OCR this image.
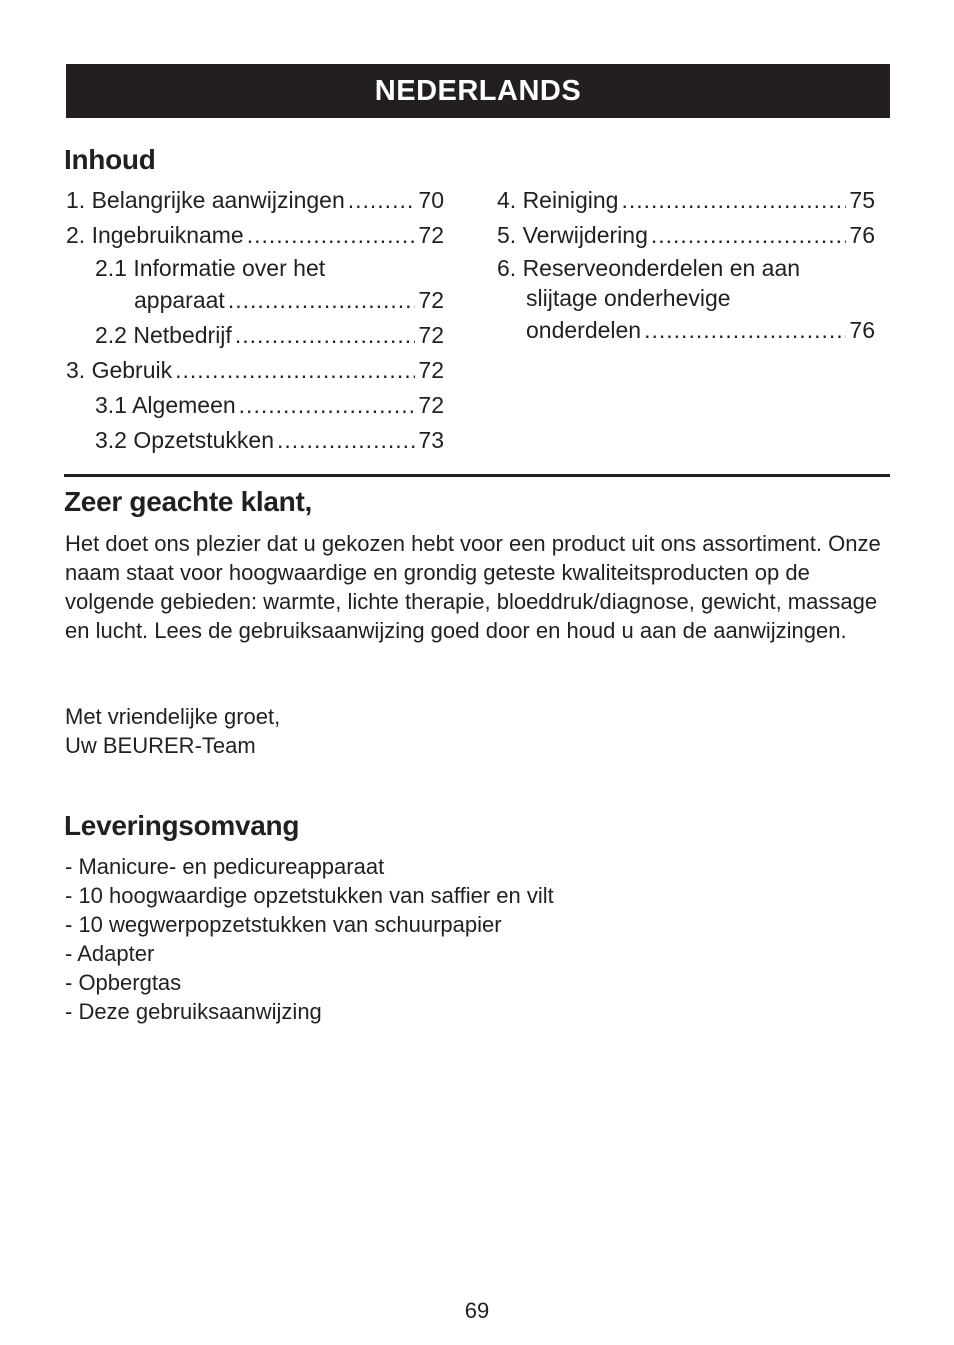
NEDERLANDS
Inhoud
1. Belangrijke aanwijzingen .....	70
2. Ingebruikname .....	72
2.1 Informatie over het
apparaat .....	72
2.2 Netbedrijf .....	72
3. Gebruik .....	72
3.1 Algemeen .....	72
3.2 Opzetstukken .....	73
4. Reiniging .....	75
5. Verwijdering .....	76
6. Reserveonderdelen en aan
slijtage onderhevige
onderdelen .....	76
Zeer geachte klant,

Het doet ons plezier dat u gekozen hebt voor een product uit ons assortiment. Onze naam staat voor hoogwaardige en grondig geteste kwaliteitsproducten op de volgende gebieden: warmte, lichte therapie, bloeddruk/diagnose, gewicht, massage en lucht. Lees de gebruiksaanwijzing goed door en houd u aan de aanwijzingen.

Met vriendelijke groet,
Uw BEURER-Team

Leveringsomvang
- Manicure- en pedicureapparaat
- 10 hoogwaardige opzetstukken van saffier en vilt
- 10 wegwerpopzetstukken van schuurpapier
- Adapter
- Opbergtas
- Deze gebruiksaanwijzing
69
